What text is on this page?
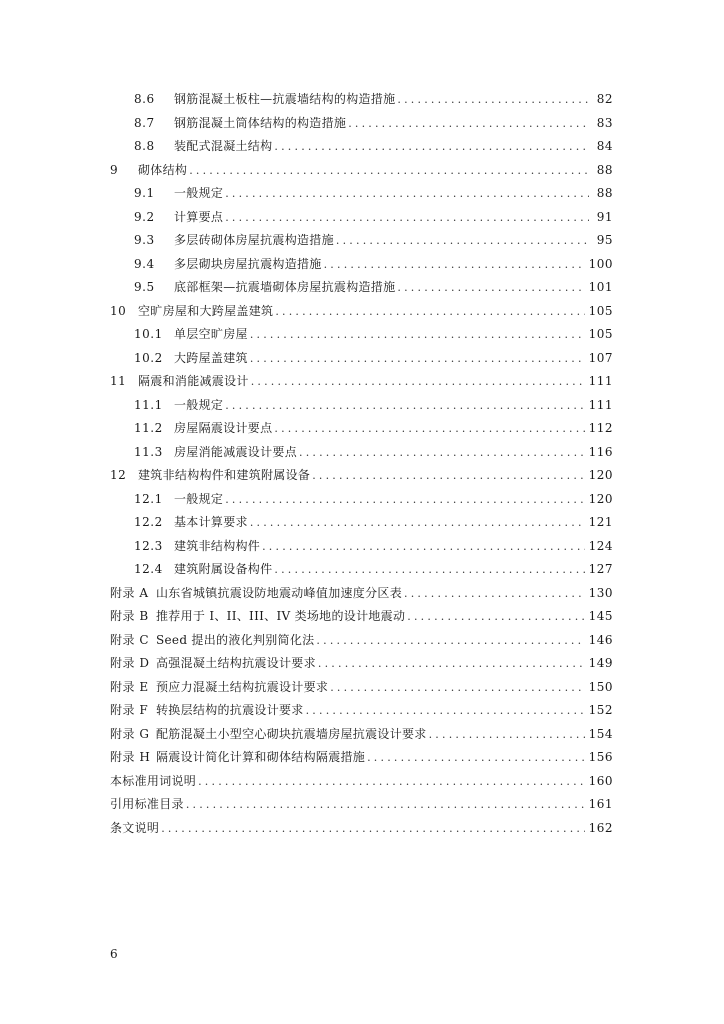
8.6	钢筋混凝土板柱—抗震墙结构的构造措施 .....	82
8.7	钢筋混凝土筒体结构的构造措施 .....	83
8.8	装配式混凝土结构 .....	84
9	砌体结构 .....	88
9.1	一般规定 .....	88
9.2	计算要点 .....	91
9.3	多层砖砌体房屋抗震构造措施 .....	95
9.4	多层砌块房屋抗震构造措施 .....	100
9.5	底部框架—抗震墙砌体房屋抗震构造措施 .....	101
10 空旷房屋和大跨屋盖建筑 .....	105
10.1 单层空旷房屋 .....	105
10.2 大跨屋盖建筑 .....	107
11 隔震和消能减震设计 .....	111
11.1 一般规定 .....	111
11.2 房屋隔震设计要点 .....	112
11.3 房屋消能减震设计要点 .....	116
12 建筑非结构构件和建筑附属设备 .....	120
12.1 一般规定 .....	120
12.2 基本计算要求 .....	121
12.3 建筑非结构构件 .....	124
12.4 建筑附属设备构件 .....	127
附录 A 山东省城镇抗震设防地震动峰值加速度分区表 .....	130
附录 B 推荐用于 I、II、III、IV 类场地的设计地震动 .....	145
附录 C Seed 提出的液化判别简化法 .....	146
附录 D 高强混凝土结构抗震设计要求 .....	149
附录 E 预应力混凝土结构抗震设计要求 .....	150
附录 F 转换层结构的抗震设计要求 .....	152
附录 G 配筋混凝土小型空心砌块抗震墙房屋抗震设计要求 .....	154
附录 H 隔震设计简化计算和砌体结构隔震措施 .....	156
本标准用词说明 .....	160
引用标准目录 .....	161
条文说明 .....	162
6
